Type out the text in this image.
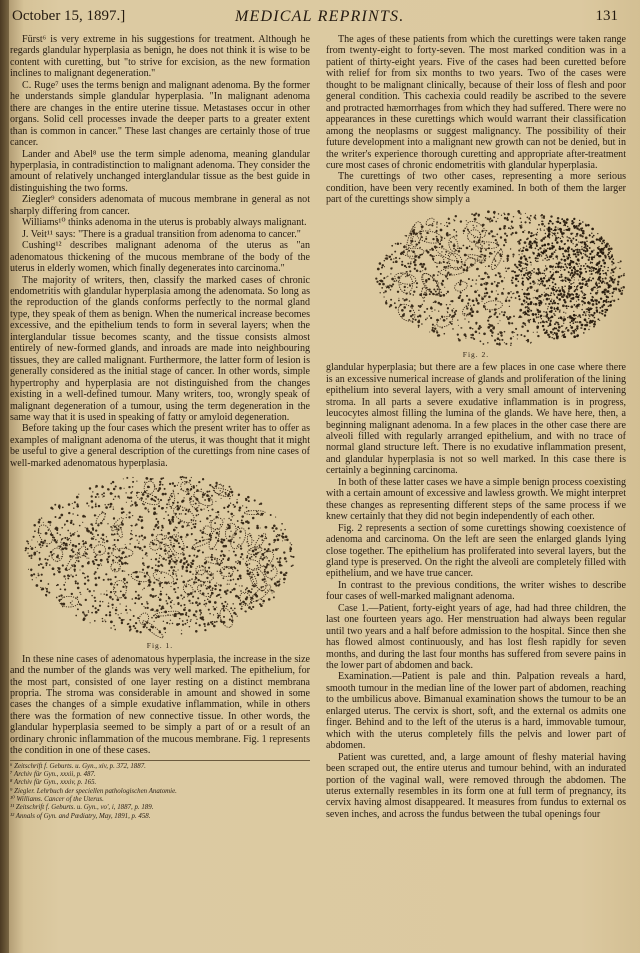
October 15, 1897.]	MEDICAL REPRINTS.	131

Fürst⁶ is very extreme in his suggestions for treatment. Although he regards glandular hyperplasia as benign, he does not think it is wise to be content with curetting, but "to strive for excision, as the new formation inclines to malignant degeneration."

C. Ruge⁷ uses the terms benign and malignant adenoma. By the former he understands simple glandular hyperplasia. "In malignant adenoma there are changes in the entire uterine tissue. Metastases occur in other organs. Solid cell processes invade the deeper parts to a greater extent than is common in cancer." These last changes are certainly those of true cancer.

Lander and Abel⁸ use the term simple adenoma, meaning glandular hyperplasia, in contradistinction to malignant adenoma. They consider the amount of relatively unchanged interglandular tissue as the best guide in distinguishing the two forms.

Ziegler⁹ considers adenomata of mucous membrane in general as not sharply differing from cancer.

Williams¹⁰ thinks adenoma in the uterus is probably always malignant.

J. Veit¹¹ says: "There is a gradual transition from adenoma to cancer."

Cushing¹² describes malignant adenoma of the uterus as "an adenomatous thickening of the mucous membrane of the body of the uterus in elderly women, which finally degenerates into carcinoma."

The majority of writers, then, classify the marked cases of chronic endometritis with glandular hyperplasia among the adenomata. So long as the reproduction of the glands conforms perfectly to the normal gland type, they speak of them as benign. When the numerical increase becomes excessive, and the epithelium tends to form in several layers; when the interglandular tissue becomes scanty, and the tissue consists almost entirely of new-formed glands, and inroads are made into neighbouring tissues, they are called malignant. Furthermore, the latter form of lesion is generally considered as the initial stage of cancer. In other words, simple hypertrophy and hyperplasia are not distinguished from the changes existing in a well-defined tumour. Many writers, too, wrongly speak of malignant degeneration of a tumour, using the term degeneration in the same way that it is used in speaking of fatty or amyloid degeneration.

Before taking up the four cases which the present writer has to offer as examples of malignant adenoma of the uterus, it was thought that it might be useful to give a general description of the curettings from nine cases of well-marked adenomatous hyperplasia.

Fig. 1.

In these nine cases of adenomatous hyperplasia, the increase in the size and the number of the glands was very well marked. The epithelium, for the most part, consisted of one layer resting on a distinct membrana propria. The stroma was considerable in amount and showed in some cases the changes of a simple exudative inflammation, while in others there was the formation of new connective tissue. In other words, the glandular hyperplasia seemed to be simply a part of or a result of an ordinary chronic inflammation of the mucous membrane. Fig. 1 represents the condition in one of these cases.

⁶ Zeitschrift f. Geburts. u. Gyn., xiv, p. 372, 1887.

⁷ Archiv für Gyn., xxxii, p. 487.

⁸ Archiv für Gyn., xxxiv, p. 165.

⁹ Ziegler. Lehrbuch der speciellen pathologischen Anatomie.

¹⁰ Williams. Cancer of the Uterus.

¹¹ Zeitschrift f. Geburts. u. Gyn., vo', i, 1887, p. 189.

¹² Annals of Gyn. and Pædiatry, May, 1891, p. 458.

The ages of these patients from which the curettings were taken range from twenty-eight to forty-seven. The most marked condition was in a patient of thirty-eight years. Five of the cases had been curetted before with relief for from six months to two years. Two of the cases were thought to be malignant clinically, because of their loss of flesh and poor general condition. This cachexia could readily be ascribed to the severe and protracted hæmorrhages from which they had suffered. There were no appearances in these curettings which would warrant their classification among the neoplasms or suggest malignancy. The possibility of their future development into a malignant new growth can not be denied, but in the writer's experience thorough curetting and appropriate after-treatment cure most cases of chronic endometritis with glandular hyperplasia.

The curettings of two other cases, representing a more serious condition, have been very recently examined. In both of them the larger part of the curettings show simply a

Fig. 2.

glandular hyperplasia; but there are a few places in one case where there is an excessive numerical increase of glands and proliferation of the lining epithelium into several layers, with a very small amount of intervening stroma. In all parts a severe exudative inflammation is in progress, leucocytes almost filling the lumina of the glands. We have here, then, a beginning malignant adenoma. In a few places in the other case there are alveoli filled with regularly arranged epithelium, and with no trace of normal gland structure left. There is no exudative inflammation present, and glandular hyperplasia is not so well marked. In this case there is certainly a beginning carcinoma.

In both of these latter cases we have a simple benign process coexisting with a certain amount of excessive and lawless growth. We might interpret these changes as representing different steps of the same process if we knew certainly that they did not begin independently of each other.

Fig. 2 represents a section of some curettings showing coexistence of adenoma and carcinoma. On the left are seen the enlarged glands lying close together. The epithelium has proliferated into several layers, but the gland type is preserved. On the right the alveoli are completely filled with epithelium, and we have true cancer.

In contrast to the previous conditions, the writer wishes to describe four cases of well-marked malignant adenoma.

Case 1.—Patient, forty-eight years of age, had had three children, the last one fourteen years ago. Her menstruation had always been regular until two years and a half before admission to the hospital. Since then she has flowed almost continuously, and has lost flesh rapidly for seven months, and during the last four months has suffered from severe pains in the lower part of abdomen and back.

Examination.—Patient is pale and thin. Palpation reveals a hard, smooth tumour in the median line of the lower part of abdomen, reaching to the umbilicus above. Bimanual examination shows the tumour to be an enlarged uterus. The cervix is short, soft, and the external os admits one finger. Behind and to the left of the uterus is a hard, immovable tumour, which with the uterus completely fills the pelvis and lower part of abdomen.

Patient was curetted, and, a large amount of fleshy material having been scraped out, the entire uterus and tumour behind, with an indurated portion of the vaginal wall, were removed through the abdomen. The uterus externally resembles in its form one at full term of pregnancy, its cervix having almost disappeared. It measures from fundus to external os seven inches, and across the fundus between the tubal openings four
